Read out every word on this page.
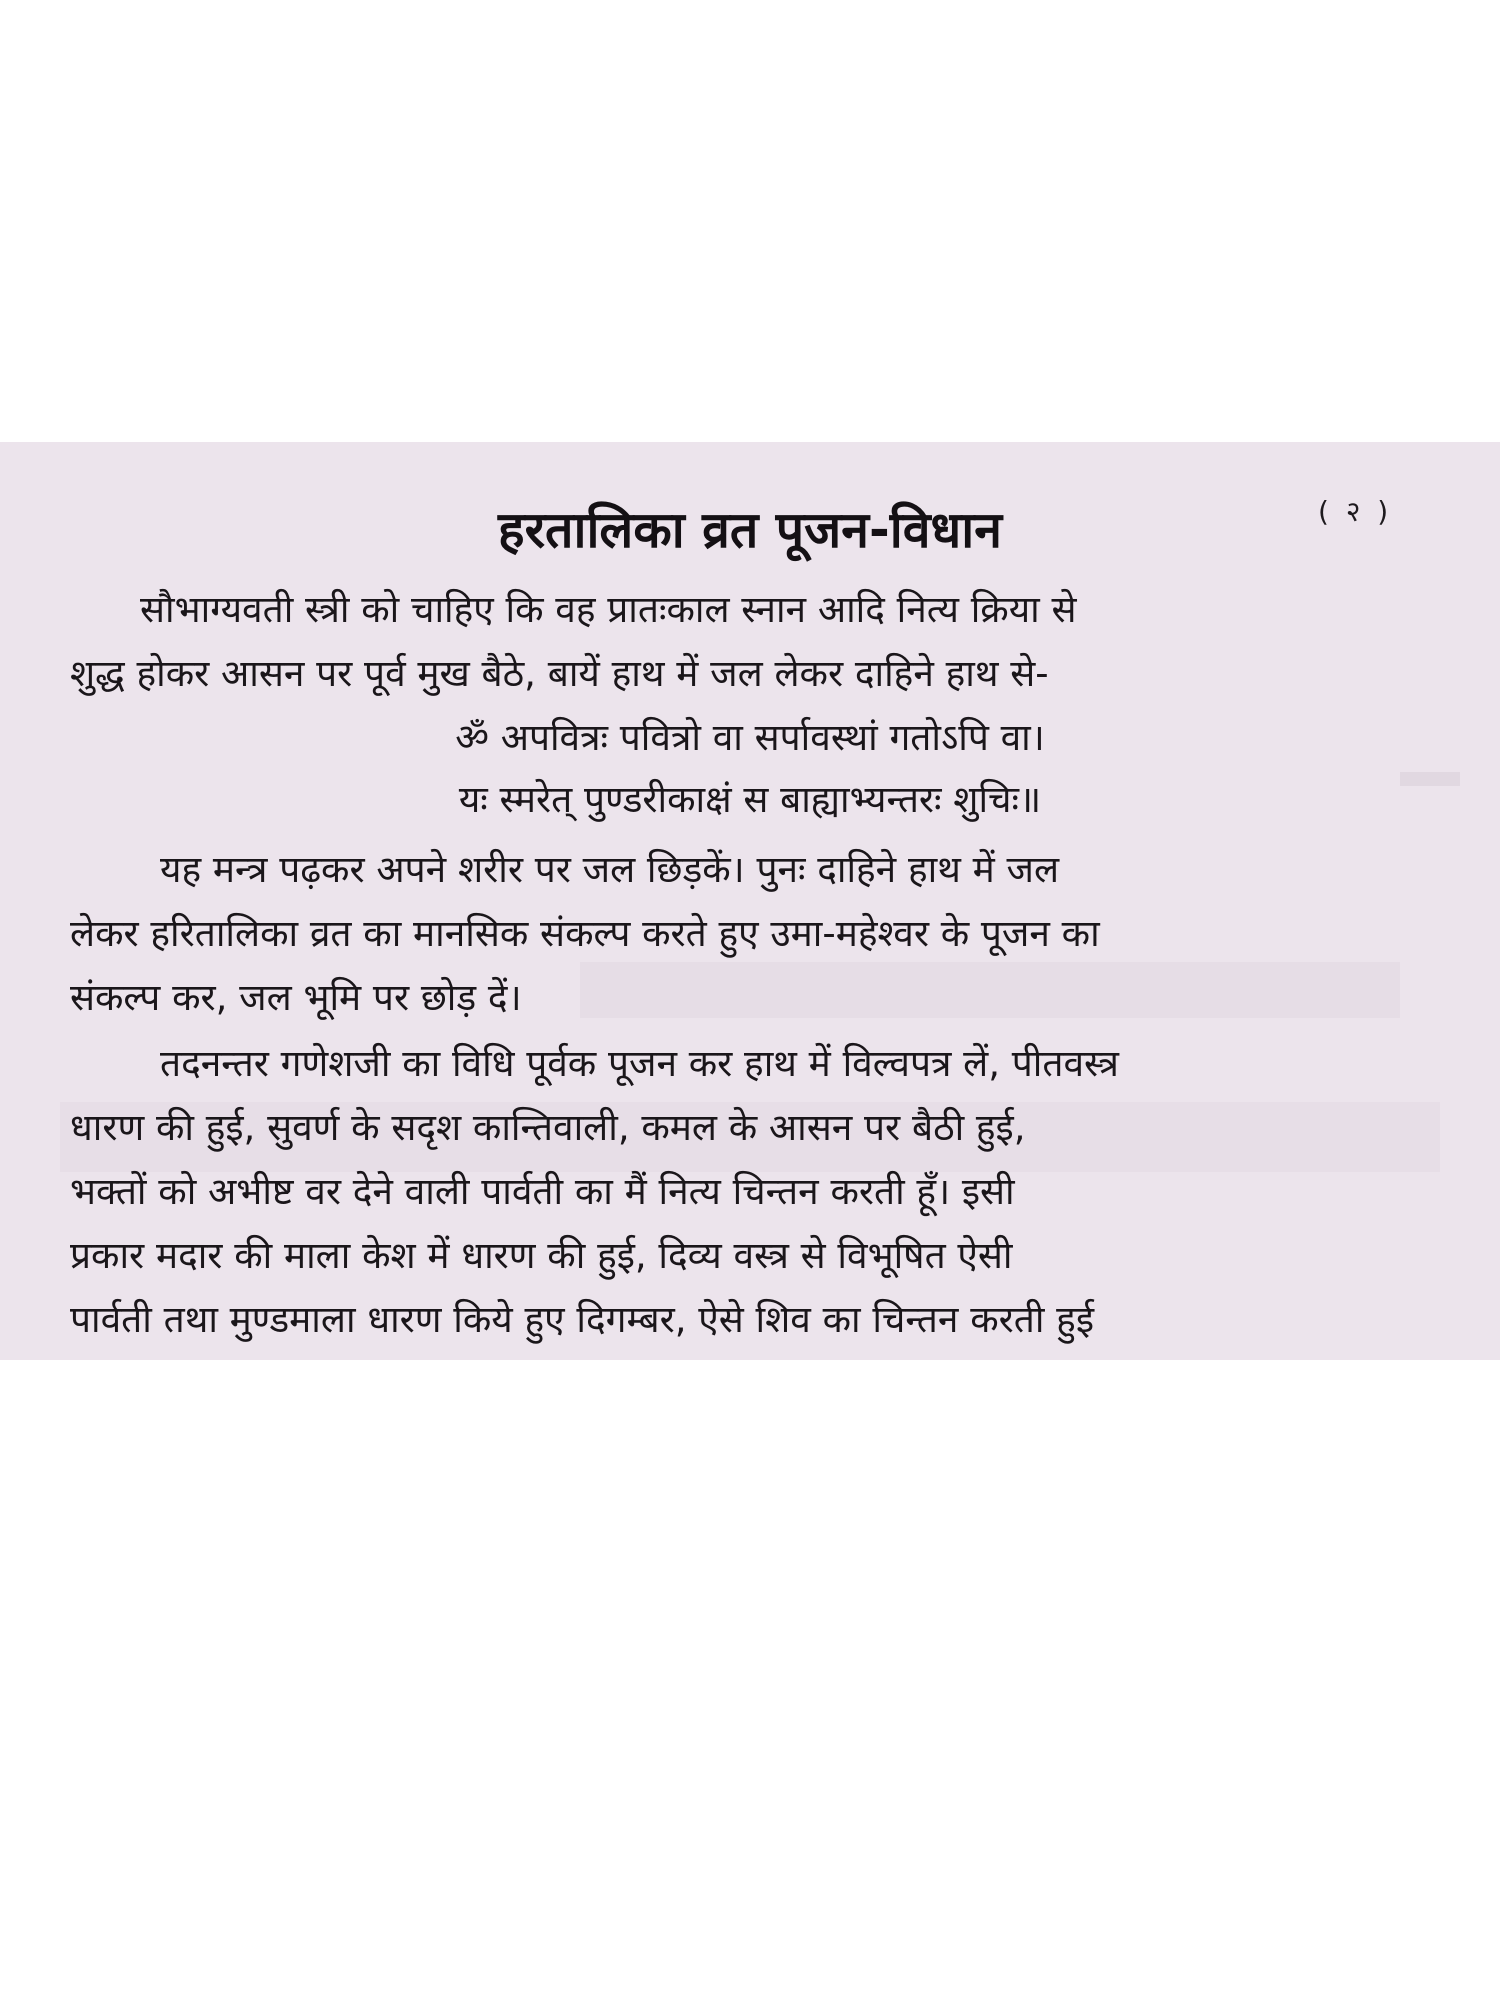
( २ )
हरतालिका व्रत पूजन-विधान
सौभाग्यवती स्त्री को चाहिए कि वह प्रातःकाल स्नान आदि नित्य क्रिया से
शुद्ध होकर आसन पर पूर्व मुख बैठे, बायें हाथ में जल लेकर दाहिने हाथ से-
ॐ अपवित्रः पवित्रो वा सर्पावस्थां गतोऽपि वा।
यः स्मरेत् पुण्डरीकाक्षं स बाह्याभ्यन्तरः शुचिः॥
यह मन्त्र पढ़कर अपने शरीर पर जल छिड़कें। पुनः दाहिने हाथ में जल
लेकर हरितालिका व्रत का मानसिक संकल्प करते हुए उमा-महेश्वर के पूजन का
संकल्प कर, जल भूमि पर छोड़ दें।
तदनन्तर गणेशजी का विधि पूर्वक पूजन कर हाथ में विल्वपत्र लें, पीतवस्त्र
धारण की हुई, सुवर्ण के सदृश कान्तिवाली, कमल के आसन पर बैठी हुई,
भक्तों को अभीष्ट वर देने वाली पार्वती का मैं नित्य चिन्तन करती हूँ। इसी
प्रकार मदार की माला केश में धारण की हुई, दिव्य वस्त्र से विभूषित ऐसी
पार्वती तथा मुण्डमाला धारण किये हुए दिगम्बर, ऐसे शिव का चिन्तन करती हुई
